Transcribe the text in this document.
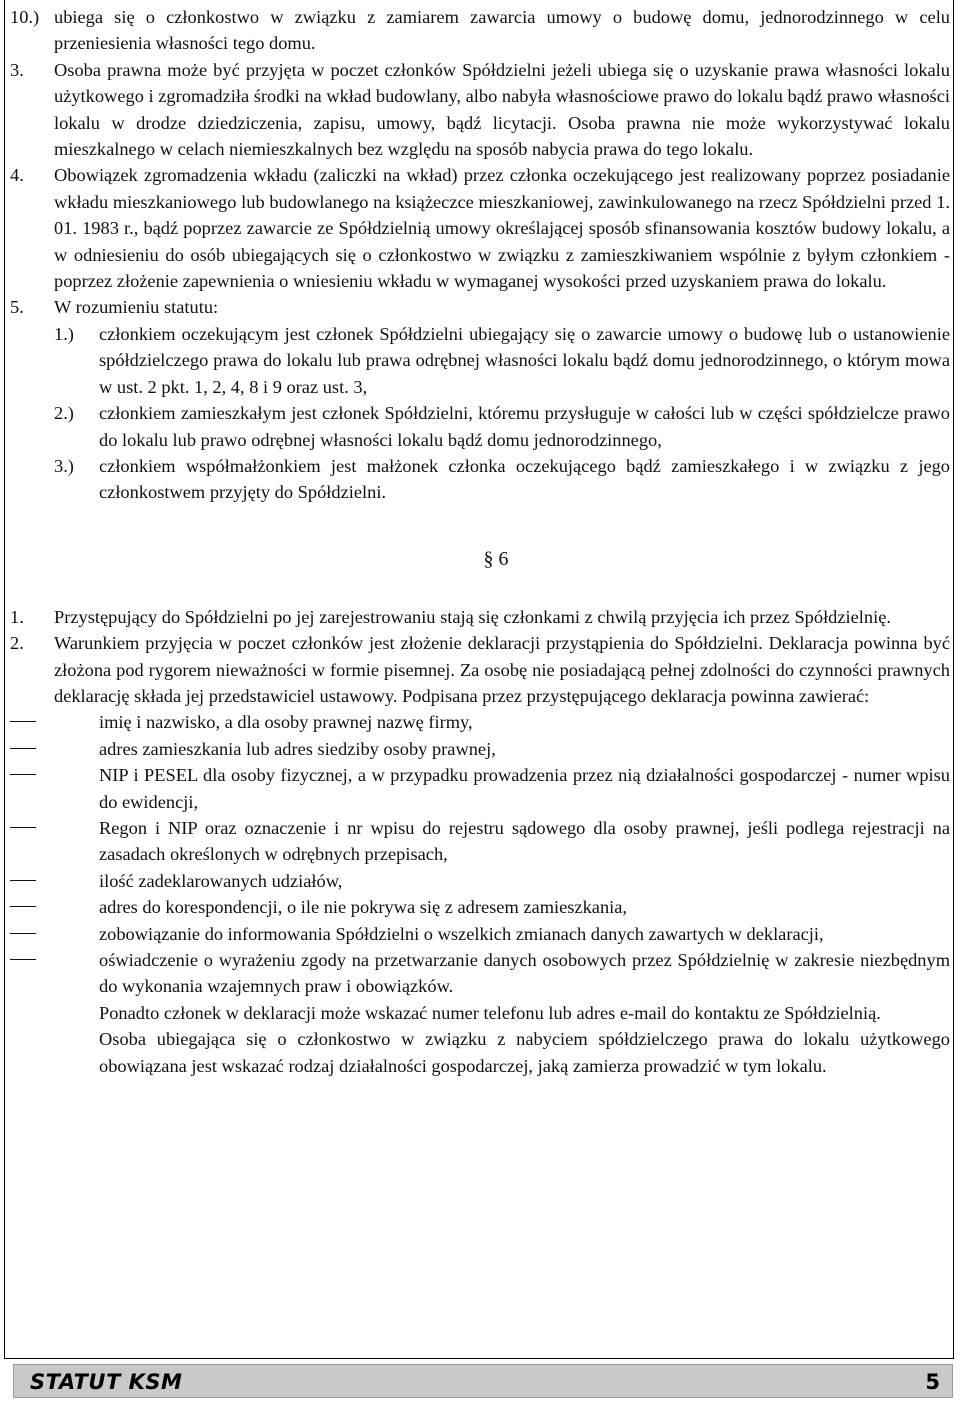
10.) ubiega się o członkostwo w związku z zamiarem zawarcia umowy o budowę domu, jednorodzinnego w celu przeniesienia własności tego domu.
3. Osoba prawna może być przyjęta w poczet członków Spółdzielni jeżeli ubiega się o uzyskanie prawa własności lokalu użytkowego i zgromadziła środki na wkład budowlany, albo nabyła własnościowe prawo do lokalu bądź prawo własności lokalu w drodze dziedziczenia, zapisu, umowy, bądź licytacji. Osoba prawna nie może wykorzystywać lokalu mieszkalnego w celach niemieszkalnych bez względu na sposób nabycia prawa do tego lokalu.
4. Obowiązek zgromadzenia wkładu (zaliczki na wkład) przez członka oczekującego jest realizowany poprzez posiadanie wkładu mieszkaniowego lub budowlanego na książeczce mieszkaniowej, zawinkulowanego na rzecz Spółdzielni przed 1. 01. 1983 r., bądź poprzez zawarcie ze Spółdzielnią umowy określającej sposób sfinansowania kosztów budowy lokalu, a w odniesieniu do osób ubiegających się o członkostwo w związku z zamieszkiwaniem wspólnie z byłym członkiem - poprzez złożenie zapewnienia o wniesieniu wkładu w wymaganej wysokości przed uzyskaniem prawa do lokalu.
5. W rozumieniu statutu:
1.) członkiem oczekującym jest członek Spółdzielni ubiegający się o zawarcie umowy o budowę lub o ustanowienie spółdzielczego prawa do lokalu lub prawa odrębnej własności lokalu bądź domu jednorodzinnego, o którym mowa w ust. 2 pkt. 1, 2, 4, 8 i 9 oraz ust. 3,
2.) członkiem zamieszkałym jest członek Spółdzielni, któremu przysługuje w całości lub w części spółdzielcze prawo do lokalu lub prawo odrębnej własności lokalu bądź domu jednorodzinnego,
3.) członkiem współmałżonkiem jest małżonek członka oczekującego bądź zamieszkałego i w związku z jego członkostwem przyjęty do Spółdzielni.
§ 6
1. Przystępujący do Spółdzielni po jej zarejestrowaniu stają się członkami z chwilą przyjęcia ich przez Spółdzielnię.
2. Warunkiem przyjęcia w poczet członków jest złożenie deklaracji przystąpienia do Spółdzielni. Deklaracja powinna być złożona pod rygorem nieważności w formie pisemnej. Za osobę nie posiadającą pełnej zdolności do czynności prawnych deklarację składa jej przedstawiciel ustawowy. Podpisana przez przystępującego deklaracja powinna zawierać:
imię i nazwisko, a dla osoby prawnej nazwę firmy,
adres zamieszkania lub adres siedziby osoby prawnej,
NIP i PESEL dla osoby fizycznej, a w przypadku prowadzenia przez nią działalności gospodarczej - numer wpisu do ewidencji,
Regon i NIP oraz oznaczenie i nr wpisu do rejestru sądowego dla osoby prawnej, jeśli podlega rejestracji na zasadach określonych w odrębnych przepisach,
ilość zadeklarowanych udziałów,
adres do korespondencji, o ile nie pokrywa się z adresem zamieszkania,
zobowiązanie do informowania Spółdzielni o wszelkich zmianach danych zawartych w deklaracji,
oświadczenie o wyrażeniu zgody na przetwarzanie danych osobowych przez Spółdzielnię w zakresie niezbędnym do wykonania wzajemnych praw i obowiązków.
Ponadto członek w deklaracji może wskazać numer telefonu lub adres e-mail do kontaktu ze Spółdzielnią.
Osoba ubiegająca się o członkostwo w związku z nabyciem spółdzielczego prawa do lokalu użytkowego obowiązana jest wskazać rodzaj działalności gospodarczej, jaką zamierza prowadzić w tym lokalu.
STATUT KSM	5
